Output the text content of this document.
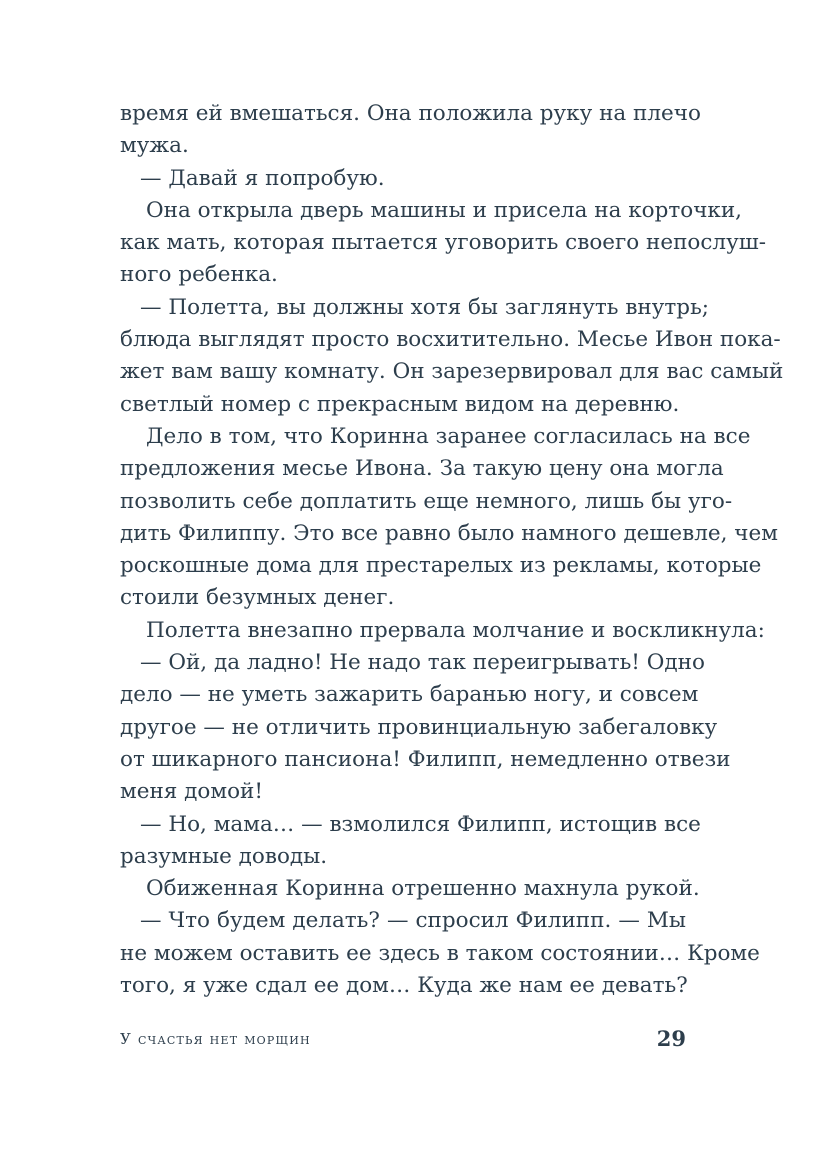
время ей вмешаться. Она положила руку на плечо
мужа.
— Давай я попробую.
Она открыла дверь машины и присела на корточки,
как мать, которая пытается уговорить своего непослуш-
ного ребенка.
— Полетта, вы должны хотя бы заглянуть внутрь;
блюда выглядят просто восхитительно. Месье Ивон пока-
жет вам вашу комнату. Он зарезервировал для вас самый
светлый номер с прекрасным видом на деревню.
Дело в том, что Коринна заранее согласилась на все
предложения месье Ивона. За такую цену она могла
позволить себе доплатить еще немного, лишь бы уго-
дить Филиппу. Это все равно было намного дешевле, чем
роскошные дома для престарелых из рекламы, которые
стоили безумных денег.
Полетта внезапно прервала молчание и воскликнула:
— Ой, да ладно! Не надо так переигрывать! Одно
дело — не уметь зажарить баранью ногу, и совсем
другое — не отличить провинциальную забегаловку
от шикарного пансиона! Филипп, немедленно отвези
меня домой!
— Но, мама… — взмолился Филипп, истощив все
разумные доводы.
Обиженная Коринна отрешенно махнула рукой.
— Что будем делать? — спросил Филипп. — Мы
не можем оставить ее здесь в таком состоянии… Кроме
того, я уже сдал ее дом… Куда же нам ее девать?
У счастья нет морщин	29
